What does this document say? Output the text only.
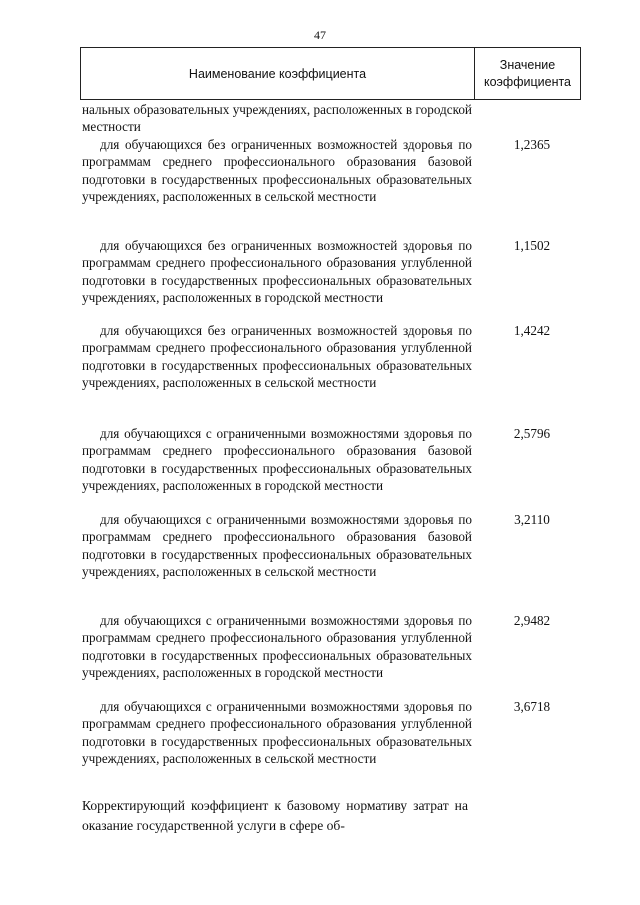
47
Наименование коэффициента
Значение
коэффициента
нальных образовательных учреждениях, расположенных в городской местности
для обучающихся без ограниченных возможностей здоровья по программам среднего профессионального образования базовой подготовки в государственных профессиональных образовательных учреждениях, расположенных в сельской местности
1,2365
для обучающихся без ограниченных возможностей здоровья по программам среднего профессионального образования углубленной подготовки в государственных профессиональных образовательных учреждениях, расположенных в городской местности
1,1502
для обучающихся без ограниченных возможностей здоровья по программам среднего профессионального образования углубленной подготовки в государственных профессиональных образовательных учреждениях, расположенных в сельской местности
1,4242
для обучающихся с ограниченными возможностями здоровья по программам среднего профессионального образования базовой подготовки в государственных профессиональных образовательных учреждениях, расположенных в городской местности
2,5796
для обучающихся с ограниченными возможностями здоровья по программам среднего профессионального образования базовой подготовки в государственных профессиональных образовательных учреждениях, расположенных в сельской местности
3,2110
для обучающихся с ограниченными возможностями здоровья по программам среднего профессионального образования углубленной подготовки в государственных профессиональных образовательных учреждениях, расположенных в городской местности
2,9482
для обучающихся с ограниченными возможностями здоровья по программам среднего профессионального образования углубленной подготовки в государственных профессиональных образовательных учреждениях, расположенных в сельской местности
3,6718
Корректирующий коэффициент к базовому нормативу затрат на оказание государственной услуги в сфере об-
